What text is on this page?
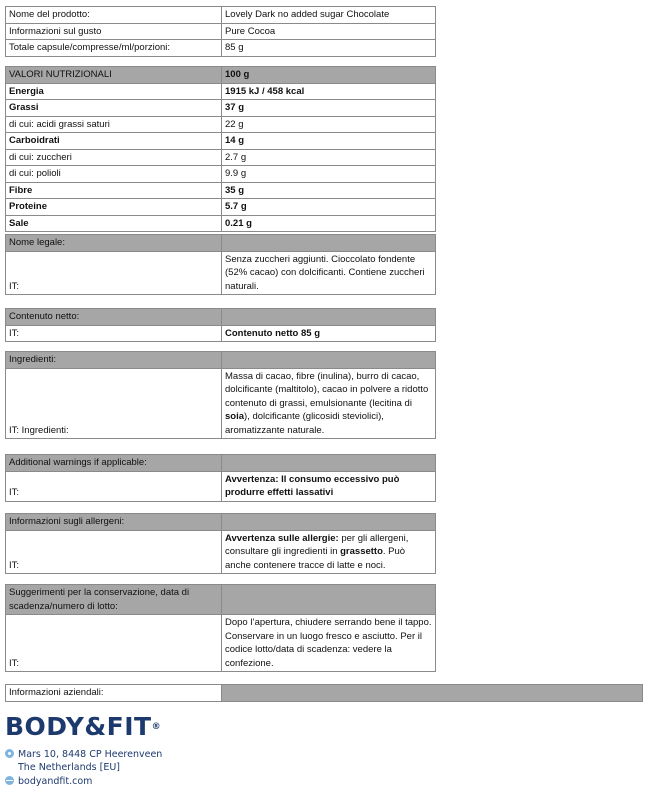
Nome del prodotto:	Lovely Dark no added sugar Chocolate
Informazioni sul gusto	Pure Cocoa
Totale capsule/compresse/ml/porzioni:	85 g
VALORI NUTRIZIONALI	100 g
Energia	1915 kJ / 458 kcal
Grassi	37 g
di cui: acidi grassi saturi	22 g
Carboidrati	14 g
di cui: zuccheri	2.7 g
di cui: polioli	9.9 g
Fibre	35 g
Proteine	5.7 g
Sale	0.21 g
Nome legale:	
IT:	Senza zuccheri aggiunti. Cioccolato fondente (52% cacao) con dolcificanti. Contiene zuccheri naturali.
Contenuto netto:	
IT:	Contenuto netto 85 g
Ingredienti:	
IT: Ingredienti:	Massa di cacao, fibre (inulina), burro di cacao, dolcificante (maltitolo), cacao in polvere a ridotto contenuto di grassi, emulsionante (lecitina di soia), dolcificante (glicosidi steviolici), aromatizzante naturale.
Additional warnings if applicable:	
IT:	Avvertenza: Il consumo eccessivo può produrre effetti lassativi
Informazioni sugli allergeni:	
IT:	Avvertenza sulle allergie: per gli allergeni, consultare gli ingredienti in grassetto. Può anche contenere tracce di latte e noci.
Suggerimenti per la conservazione, data di scadenza/numero di lotto:	
IT:	Dopo l’apertura, chiudere serrando bene il tappo. Conservare in un luogo fresco e asciutto. Per il codice lotto/data di scadenza: vedere la confezione.
Informazioni aziendali:	
BODY&FIT®
Mars 10, 8448 CP Heerenveen
The Netherlands [EU]
bodyandfit.com
